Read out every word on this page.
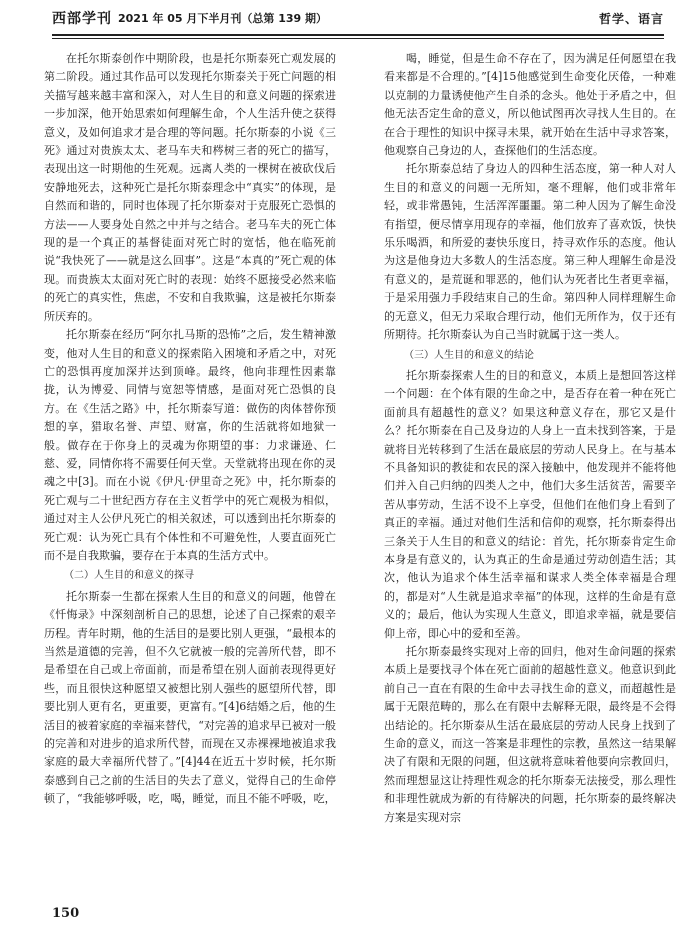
西部学刊 2021 年 05 月下半月刊（总第 139 期）	哲学、语言

在托尔斯泰创作中期阶段，也是托尔斯泰死亡观发展的第二阶段。通过其作品可以发现托尔斯泰关于死亡问题的相关描写越来越丰富和深入，对人生目的和意义问题的探索进一步加深，他开始思索如何理解生命，个人生活升使之获得意义，及如何追求才是合理的等问题。托尔斯泰的小说《三死》通过对贵族太太、老马车夫和梣树三者的死亡的描写，表现出这一时期他的生死观。远离人类的一棵树在被砍伐后安静地死去，这种死亡是托尔斯泰理念中“真实”的体现，是自然而和谐的，同时也体现了托尔斯泰对于克服死亡恐惧的方法——人要身处自然之中并与之结合。老马车夫的死亡体现的是一个真正的基督徒面对死亡时的宽恬，他在临死前说“我快死了——就是这么回事”。这是“本真的”死亡观的体现。而贵族太太面对死亡时的表现：始终不愿接受必然来临的死亡的真实性，焦虑，不安和自我欺骗，这是被托尔斯泰所厌弃的。

托尔斯泰在经历“阿尔扎马斯的恐怖”之后，发生精神激变，他对人生目的和意义的探索陷入困境和矛盾之中，对死亡的恐惧再度加深并达到顶峰。最终，他向非理性因素靠拢，认为博爱、同情与宽恕等情感，是面对死亡恐惧的良方。在《生活之路》中，托尔斯泰写道：做伤的肉体替你预想的享，猎取名誉、声望、财富，你的生活就将如地狱一般。做存在于你身上的灵魂为你期望的事：力求谦逊、仁慈、爱，同情你将不需要任何天堂。天堂就将出现在你的灵魂之中[3]。而在小说《伊凡·伊里奇之死》中，托尔斯泰的死亡观与二十世纪西方存在主义哲学中的死亡观极为相似，通过对主人公伊凡死亡的相关叙述，可以透到出托尔斯泰的死亡观：认为死亡具有个体性和不可避免性，人要直面死亡而不是自我欺骗，要存在于本真的生活方式中。

（二）人生目的和意义的探寻

托尔斯泰一生都在探索人生目的和意义的问题，他曾在《忏悔录》中深刻剖析自己的思想，论述了自己探索的艰辛历程。青年时期，他的生活目的是要比别人更强，“最根本的当然是道德的完善，但不久它就被一般的完善所代替，即不是希望在自己或上帝面前，而是希望在别人面前表现得更好些，而且很快这种愿望又被想比别人强些的愿望所代替，即要比别人更有名，更重要，更富有。”[4]6结婚之后，他的生活目的被着家庭的幸福来替代，“对完善的追求早已被对一般的完善和对进步的追求所代替，而现在又赤裸裸地被追求我家庭的最大幸福所代替了。”[4]44在近五十岁时候，托尔斯泰感到自己之前的生活目的失去了意义，觉得自己的生命停顿了，“我能够呼吸，吃，喝，睡觉，而且不能不呼吸，吃，

喝，睡觉，但是生命不存在了，因为满足任何愿望在我看来都是不合理的。”[4]15他感觉到生命变化厌倦，一种难以克制的力量诱使他产生自杀的念头。他处于矛盾之中，但他无法否定生命的意义，所以他试图再次寻找人生目的。在在合于理性的知识中探寻未果，就开始在生活中寻求答案，他观察自己身边的人，查探他们的生活态度。

托尔斯泰总结了身边人的四种生活态度，第一种人对人生目的和意义的问题一无所知，毫不理解，他们或非常年轻，或非常愚钝，生活浑浑噩噩。第二种人因为了解生命没有指望，便尽情享用现存的幸福，他们放弃了喜欢饭，快快乐乐喝酒，和所爱的妻快乐度日，持寻欢作乐的态度。他认为这是他身边大多数人的生活态度。第三种人理解生命是没有意义的，是荒诞和罪恶的，他们认为死者比生者更幸福，于是采用强力手段结束自己的生命。第四种人同样理解生命的无意义，但无力采取合理行动，他们无所作为，仅于还有所期待。托尔斯泰认为自己当时就属于这一类人。

（三）人生目的和意义的结论

托尔斯泰探索人生的目的和意义，本质上是想回答这样一个问题：在个体有限的生命之中，是否存在着一种在死亡面前具有超越性的意义？如果这种意义存在，那它又是什么？托尔斯泰在自己及身边的人身上一直未找到答案，于是就将目光转移到了生活在最底层的劳动人民身上。在与基本不具备知识的教徒和农民的深入接触中，他发现并不能将他们并入自己归纳的四类人之中，他们大多生活贫苦，需要辛苦从事劳动，生活不设不上享受，但他们在他们身上看到了真正的幸福。通过对他们生活和信仰的观察，托尔斯泰得出三条关于人生目的和意义的结论：首先，托尔斯泰肯定生命本身是有意义的，认为真正的生命是通过劳动创造生活；其次，他认为追求个体生活幸福和谋求人类全体幸福是合理的，都是对“人生就是追求幸福”的体现，这样的生命是有意义的；最后，他认为实现人生意义，即追求幸福，就是要信仰上帝，即心中的爱和至善。

托尔斯泰最终实现对上帝的回归，他对生命问题的探索本质上是要找寻个体在死亡面前的超越性意义。他意识到此前自己一直在有限的生命中去寻找生命的意义，而超越性是属于无限范畴的，那么在有限中去解释无限，最终是不会得出结论的。托尔斯泰从生活在最底层的劳动人民身上找到了生命的意义，而这一答案是非理性的宗教，虽然这一结果解决了有限和无限的问题，但这就将意味着他要向宗教回归，然而理想显这让持理性观念的托尔斯泰无法接受，那么理性和非理性就成为新的有待解决的问题，托尔斯泰的最终解决方案是实现对宗

150
